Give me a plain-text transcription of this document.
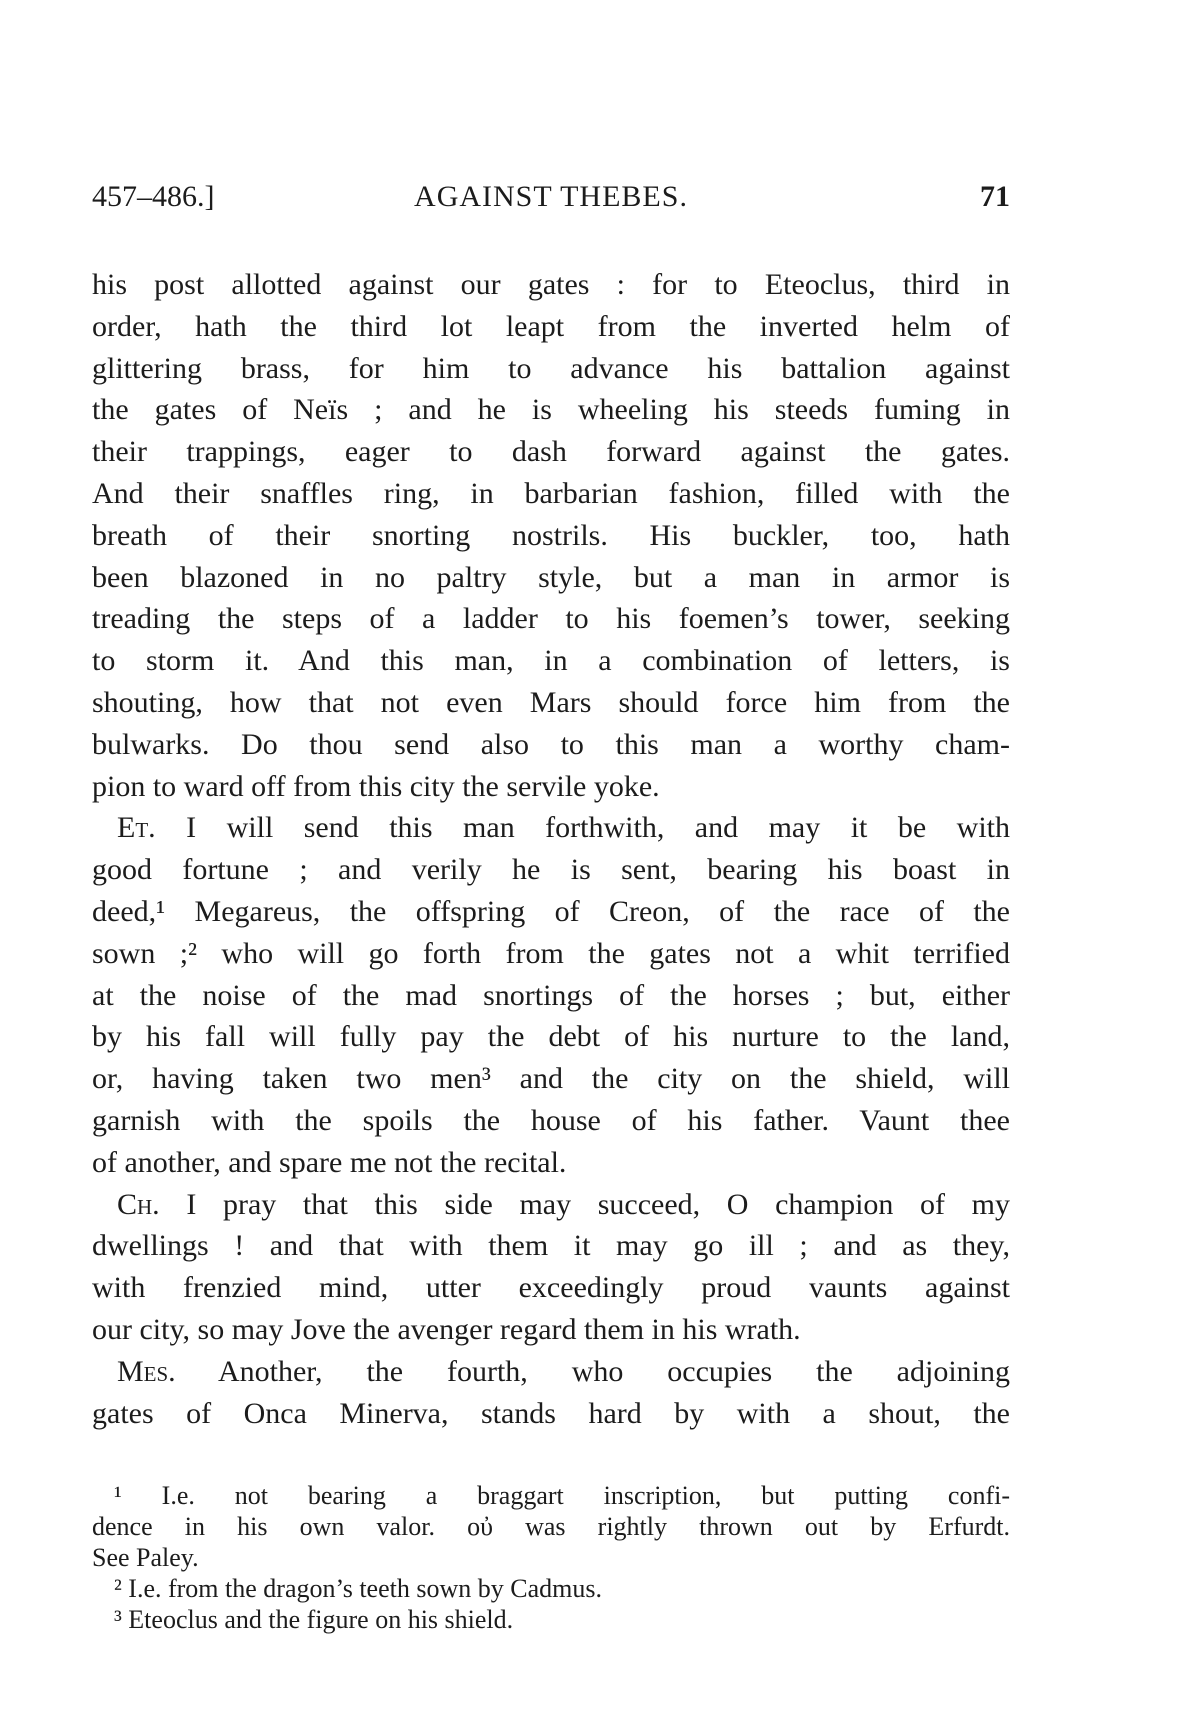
457–486.]	AGAINST THEBES.	71

his post allotted against our gates : for to Eteoclus, third in
order, hath the third lot leapt from the inverted helm of
glittering brass, for him to advance his battalion against
the gates of Neïs ; and he is wheeling his steeds fuming in
their trappings, eager to dash forward against the gates.
And their snaffles ring, in barbarian fashion, filled with the
breath of their snorting nostrils. His buckler, too, hath
been blazoned in no paltry style, but a man in armor is
treading the steps of a ladder to his foemen’s tower, seeking
to storm it. And this man, in a combination of letters, is
shouting, how that not even Mars should force him from the
bulwarks. Do thou send also to this man a worthy cham-
pion to ward off from this city the servile yoke.

Et. I will send this man forthwith, and may it be with
good fortune ; and verily he is sent, bearing his boast in
deed,¹ Megareus, the offspring of Creon, of the race of the
sown ;² who will go forth from the gates not a whit terrified
at the noise of the mad snortings of the horses ; but, either
by his fall will fully pay the debt of his nurture to the land,
or, having taken two men³ and the city on the shield, will
garnish with the spoils the house of his father. Vaunt thee
of another, and spare me not the recital.

Ch. I pray that this side may succeed, O champion of my
dwellings ! and that with them it may go ill ; and as they,
with frenzied mind, utter exceedingly proud vaunts against
our city, so may Jove the avenger regard them in his wrath.

Mes. Another, the fourth, who occupies the adjoining
gates of Onca Minerva, stands hard by with a shout, the

¹ I.e. not bearing a braggart inscription, but putting confi-
dence in his own valor. οὐ was rightly thrown out by Erfurdt.
See Paley.
² I.e. from the dragon’s teeth sown by Cadmus.
³ Eteoclus and the figure on his shield.
